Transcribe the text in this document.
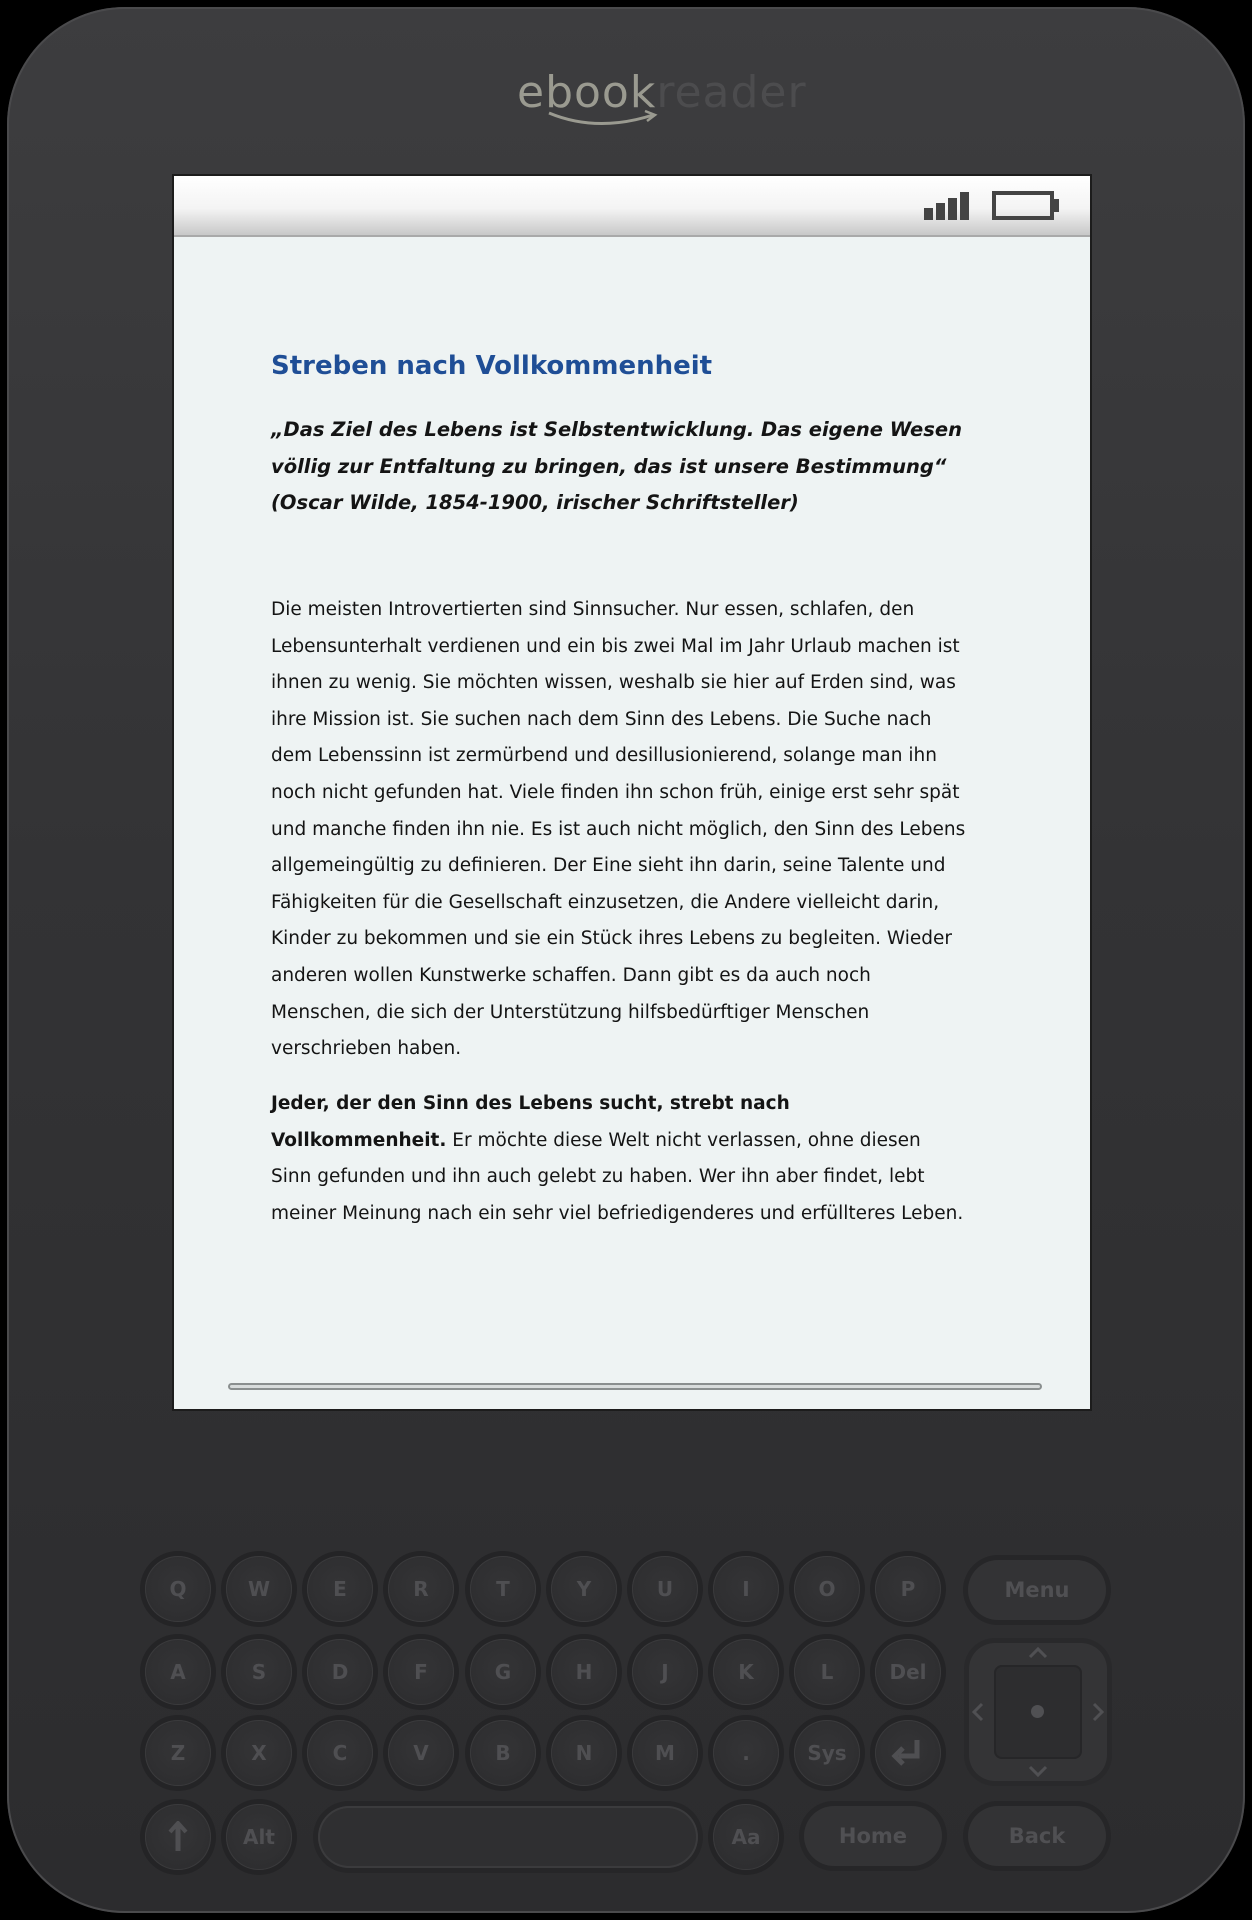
ebookreader
Streben nach Vollkommenheit
„Das Ziel des Lebens ist Selbstentwicklung. Das eigene Wesen
völlig zur Entfaltung zu bringen, das ist unsere Bestimmung“
(Oscar Wilde, 1854-1900, irischer Schriftsteller)
Die meisten Introvertierten sind Sinnsucher. Nur essen, schlafen, den
Lebensunterhalt verdienen und ein bis zwei Mal im Jahr Urlaub machen ist
ihnen zu wenig. Sie möchten wissen, weshalb sie hier auf Erden sind, was
ihre Mission ist. Sie suchen nach dem Sinn des Lebens. Die Suche nach
dem Lebenssinn ist zermürbend und desillusionierend, solange man ihn
noch nicht gefunden hat. Viele finden ihn schon früh, einige erst sehr spät
und manche finden ihn nie. Es ist auch nicht möglich, den Sinn des Lebens
allgemeingültig zu definieren. Der Eine sieht ihn darin, seine Talente und
Fähigkeiten für die Gesellschaft einzusetzen, die Andere vielleicht darin,
Kinder zu bekommen und sie ein Stück ihres Lebens zu begleiten. Wieder
anderen wollen Kunstwerke schaffen. Dann gibt es da auch noch
Menschen, die sich der Unterstützung hilfsbedürftiger Menschen
verschrieben haben.
Jeder, der den Sinn des Lebens sucht, strebt nach
Vollkommenheit. Er möchte diese Welt nicht verlassen, ohne diesen
Sinn gefunden und ihn auch gelebt zu haben. Wer ihn aber findet, lebt
meiner Meinung nach ein sehr viel befriedigenderes und erfüllteres Leben.
Q	W	E	R	T	Y	U	I	O	P	Menu
A	S	D	F	G	H	J	K	L	Del
Z	X	C	V	B	N	M	.	Sys
Alt	Aa	Home	Back
